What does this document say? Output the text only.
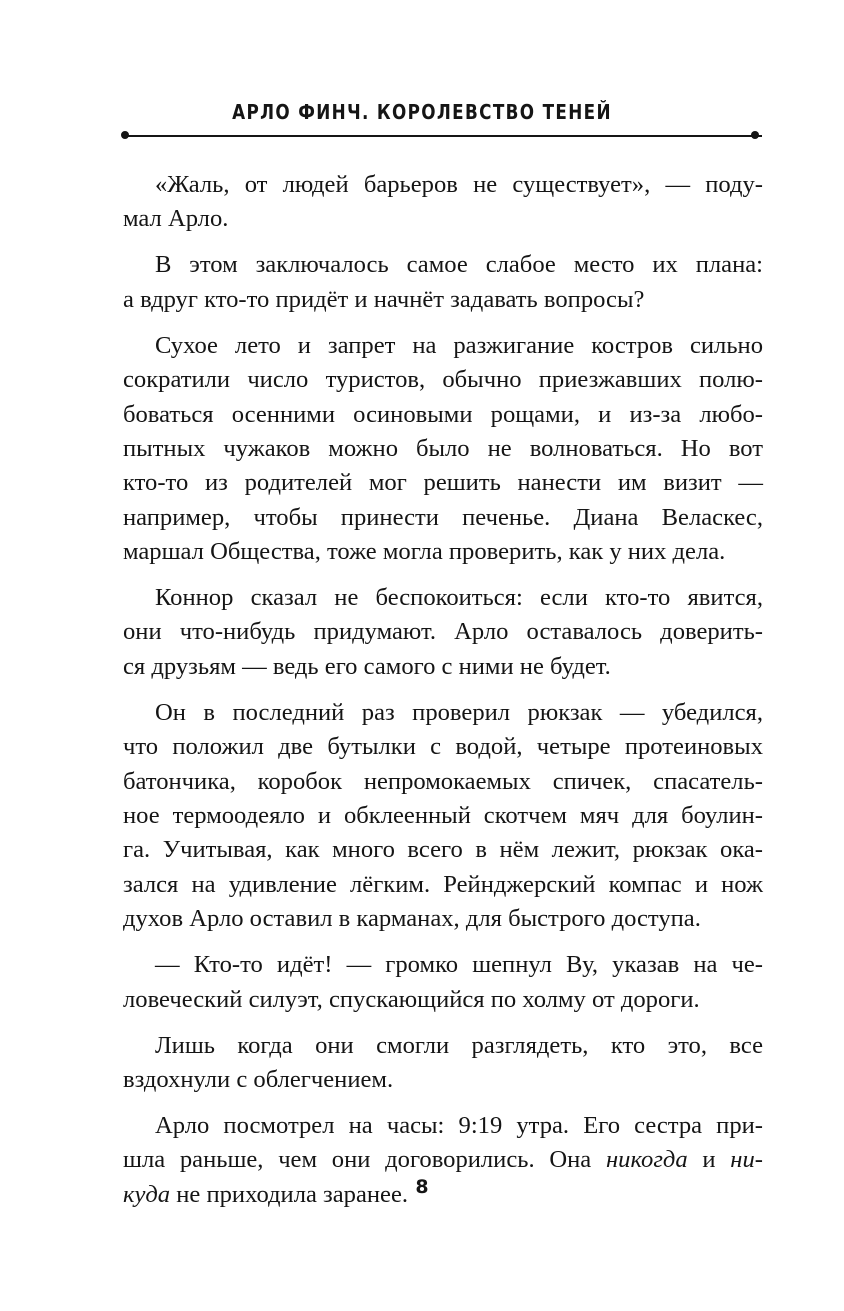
АРЛО ФИНЧ. КОРОЛЕВСТВО ТЕНЕЙ
«Жаль, от людей барьеров не существует», — поду-
мал Арло.
В этом заключалось самое слабое место их плана:
а вдруг кто-то придёт и начнёт задавать вопросы?
Сухое лето и запрет на разжигание костров сильно
сократили число туристов, обычно приезжавших полю-
боваться осенними осиновыми рощами, и из-за любо-
пытных чужаков можно было не волноваться. Но вот
кто-то из родителей мог решить нанести им визит —
например, чтобы принести печенье. Диана Веласкес,
маршал Общества, тоже могла проверить, как у них дела.
Коннор сказал не беспокоиться: если кто-то явится,
они что-нибудь придумают. Арло оставалось доверить-
ся друзьям — ведь его самого с ними не будет.
Он в последний раз проверил рюкзак — убедился,
что положил две бутылки с водой, четыре протеиновых
батончика, коробок непромокаемых спичек, спасатель-
ное термоодеяло и обклеенный скотчем мяч для боулин-
га. Учитывая, как много всего в нём лежит, рюкзак ока-
зался на удивление лёгким. Рейнджерский компас и нож
духов Арло оставил в карманах, для быстрого доступа.
— Кто-то идёт! — громко шепнул Ву, указав на че-
ловеческий силуэт, спускающийся по холму от дороги.
Лишь когда они смогли разглядеть, кто это, все
вздохнули с облегчением.
Арло посмотрел на часы: 9:19 утра. Его сестра при-
шла раньше, чем они договорились. Она никогда и ни-
куда не приходила заранее. 8
